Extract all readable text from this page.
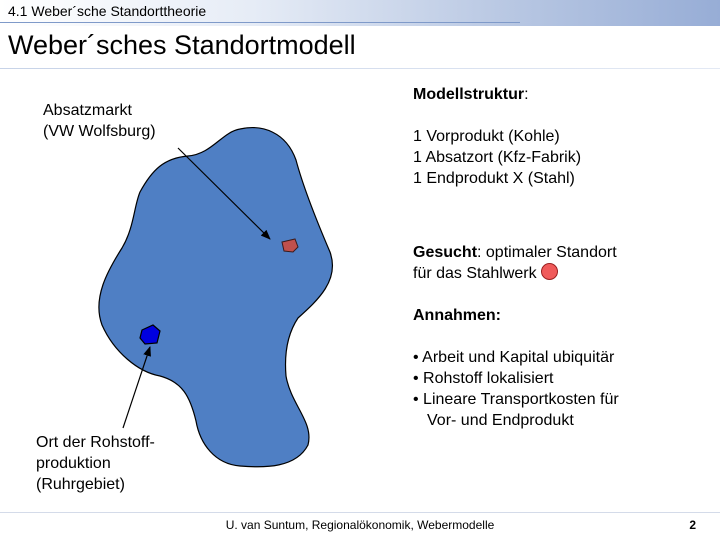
4.1 Weber´sche Standorttheorie
Weber´sches Standortmodell
Absatzmarkt
(VW Wolfsburg)
Ort der Rohstoff-
produktion
(Ruhrgebiet)
Modellstruktur:
1 Vorprodukt (Kohle)
1 Absatzort (Kfz-Fabrik)
1 Endprodukt X (Stahl)
Gesucht: optimaler Standort
für das Stahlwerk
Annahmen:
• Arbeit und Kapital ubiquitär
• Rohstoff lokalisiert
• Lineare Transportkosten für
Vor- und Endprodukt
U. van Suntum, Regionalökonomik, Webermodelle	2
